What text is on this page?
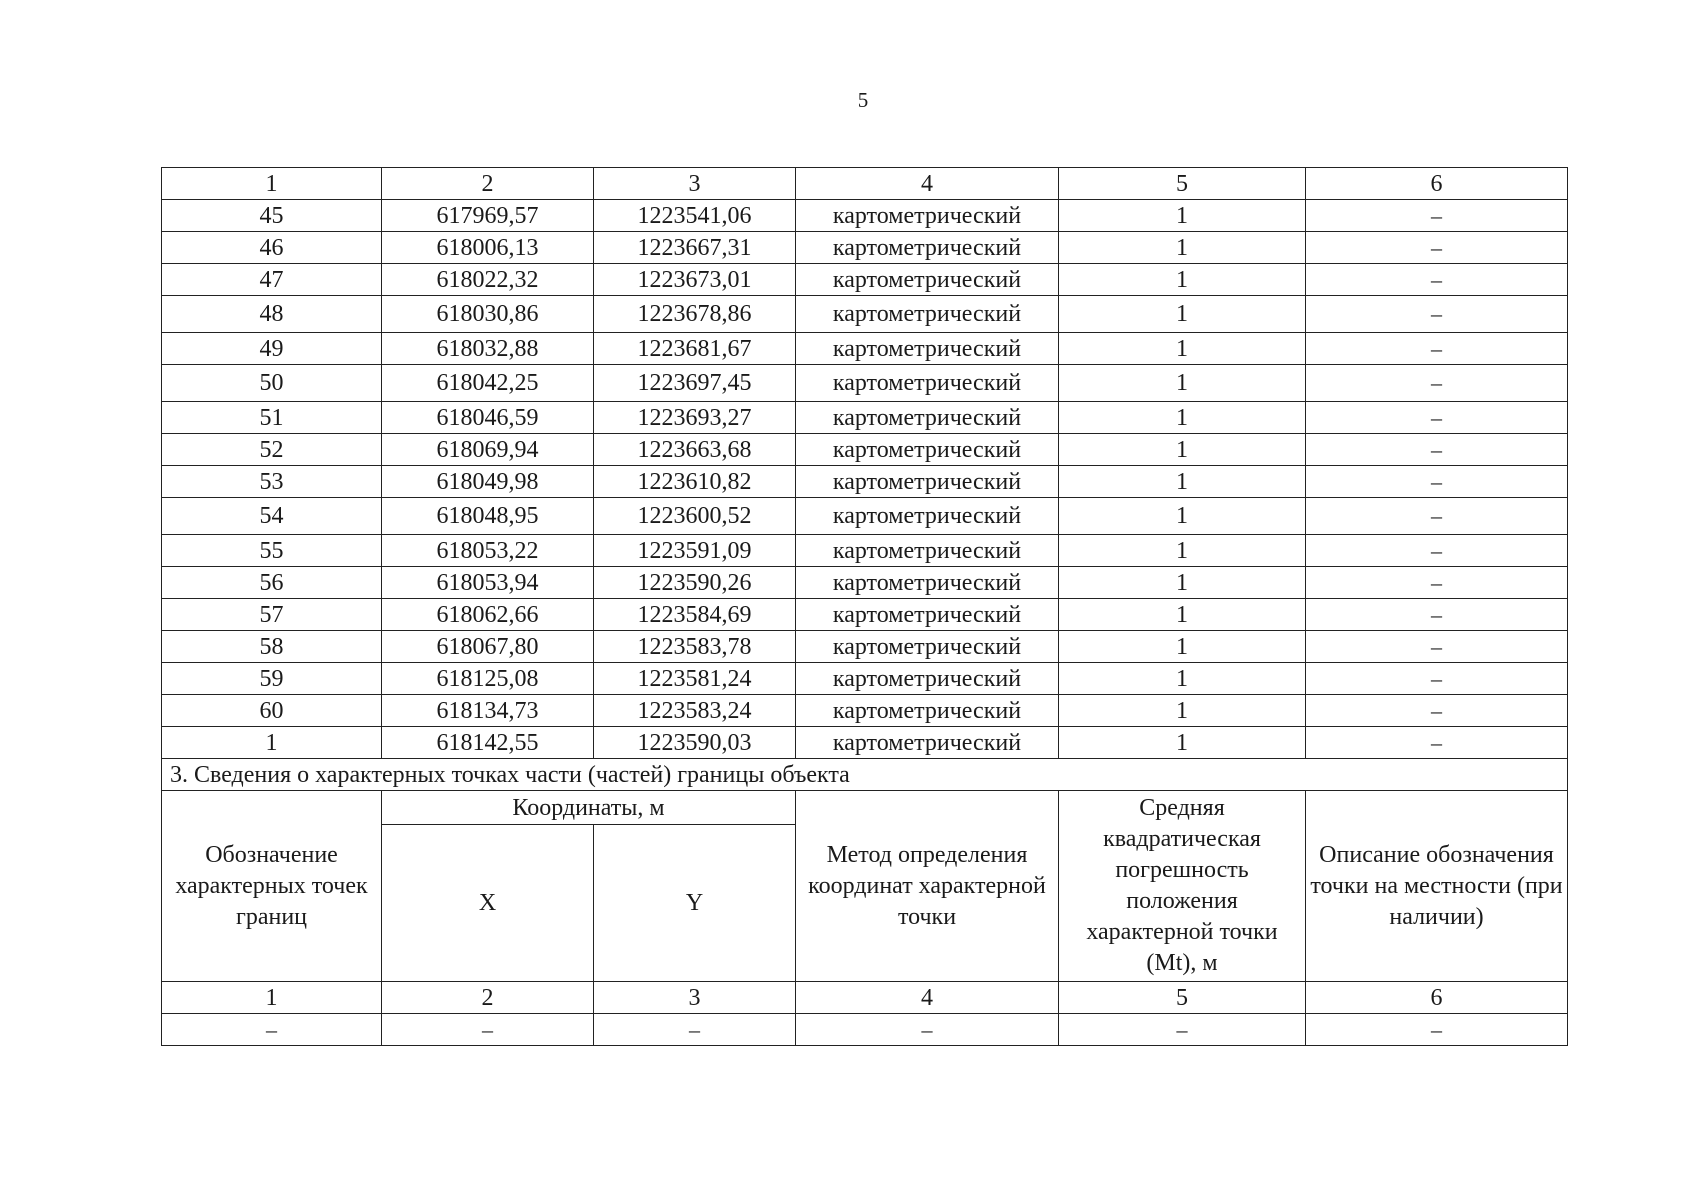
5
1	2	3	4	5	6
45	617969,57	1223541,06	картометрический	1	–
46	618006,13	1223667,31	картометрический	1	–
47	618022,32	1223673,01	картометрический	1	–
48	618030,86	1223678,86	картометрический	1	–
49	618032,88	1223681,67	картометрический	1	–
50	618042,25	1223697,45	картометрический	1	–
51	618046,59	1223693,27	картометрический	1	–
52	618069,94	1223663,68	картометрический	1	–
53	618049,98	1223610,82	картометрический	1	–
54	618048,95	1223600,52	картометрический	1	–
55	618053,22	1223591,09	картометрический	1	–
56	618053,94	1223590,26	картометрический	1	–
57	618062,66	1223584,69	картометрический	1	–
58	618067,80	1223583,78	картометрический	1	–
59	618125,08	1223581,24	картометрический	1	–
60	618134,73	1223583,24	картометрический	1	–
1	618142,55	1223590,03	картометрический	1	–
3. Сведения о характерных точках части (частей) границы объекта					
Обозначение характерных точек границ	Координаты, м		Метод определения координат характерной точки	Средняя квадратическая погрешность положения характерной точки (Mt), м	Описание обозначения точки на местности (при наличии)
	X	Y			
1	2	3	4	5	6
–	–	–	–	–	–
